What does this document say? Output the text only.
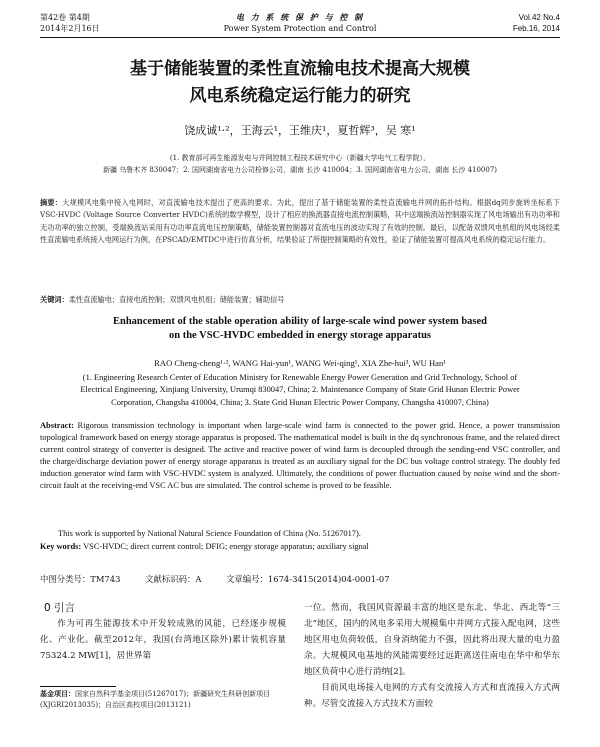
第42卷 第4期
2014年2月16日
电 力 系 统 保 护 与 控 制
Power System Protection and Control
Vol.42 No.4
Feb.16, 2014
基于储能装置的柔性直流输电技术提高大规模
风电系统稳定运行能力的研究
饶成诚¹·²，王海云¹，王维庆¹，夏哲辉³，吴 寒¹
(1. 教育部可再生能源发电与并网控制工程技术研究中心（新疆大学电气工程学院），
新疆 乌鲁木齐 830047；2. 国网湖南省电力公司检修公司，湖南 长沙 410004；3. 国网湖南省电力公司，湖南 长沙 410007)
摘要：大规模风电集中接入电网时，对直流输电技术提出了更高的要求。为此，提出了基于储能装置的柔性直流输电并网的拓扑结构。根据dq同步旋转坐标系下VSC-HVDC (Voltage Source Converter HVDC)系统的数学模型，设计了相应的换流器直接电流控制策略，其中送端换流站控制器实现了风电场输出有功功率和无功功率的独立控制，受端换流站采用有功功率直流电压控制策略，储能装置控制器对直流电压的波动实现了有效的控制。最后，以配备双馈风电机组的风电场经柔性直流输电系统接入电网运行为例，在PSCAD/EMTDC中进行仿真分析，结果验证了所提控制策略的有效性，验证了储能装置可提高风电系统的稳定运行能力。
关键词：柔性直流输电；直接电流控制；双馈风电机组；储能装置；辅助信号
Enhancement of the stable operation ability of large-scale wind power system based
on the VSC-HVDC embedded in energy storage apparatus
RAO Cheng-cheng¹·², WANG Hai-yun¹, WANG Wei-qing¹, XIA Zhe-hui³, WU Han¹
(1. Engineering Research Center of Education Ministry for Renewable Energy Power Generation and Grid Technology, School of
Electrical Engineering, Xinjiang University, Urumqi 830047, China; 2. Maintenance Company of State Grid Hunan Electric Power
Corporation, Changsha 410004, China; 3. State Grid Hunan Electric Power Company, Changsha 410007, China)
Abstract: Rigorous transmission technology is important when large-scale wind farm is connected to the power grid. Hence, a power transmission topological framework based on energy storage apparatus is proposed. The mathematical model is built in the dq synchronous frame, and the related direct current control strategy of converter is designed. The active and reactive power of wind farm is decoupled through the sending-end VSC controller, and the charge/discharge deviation power of energy storage apparatus is treated as an auxiliary signal for the DC bus voltage control strategy. The doubly fed induction generator wind farm with VSC-HVDC system is analyzed. Ultimately, the conditions of power fluctuation caused by noise wind and the short-circuit fault at the receiving-end VSC AC bus are simulated. The control scheme is proved to be feasible.
This work is supported by National Natural Science Foundation of China (No. 51267017).
Key words: VSC-HVDC; direct current control; DFIG; energy storage apparatus; auxiliary signal
中图分类号：TM743	文献标识码：A	文章编号：1674-3415(2014)04-0001-07
0 引言

作为可再生能源技术中开发较成熟的风能，已经逐步规模化、产业化。截至2012年，我国(台湾地区除外)累计装机容量75324.2 MW[1]，居世界第

一位。然而，我国风资源最丰富的地区是东北、华北、西北等“三北”地区，国内的风电多采用大规模集中并网方式接入配电网，这些地区用电负荷较低，自身消纳能力不强，因此将出现大量的电力盈余。大规模风电基地的风能需要经过远距离送往南电在华中和华东地区负荷中心进行消纳[2]。

目前风电场接入电网的方式有交流接入方式和直流接入方式两种。尽管交流接入方式技术方面较

基金项目：国家自然科学基金项目(51267017)；新疆研究生科研创新项目(XJGRI2013035)；自治区高校项目(2013121)
